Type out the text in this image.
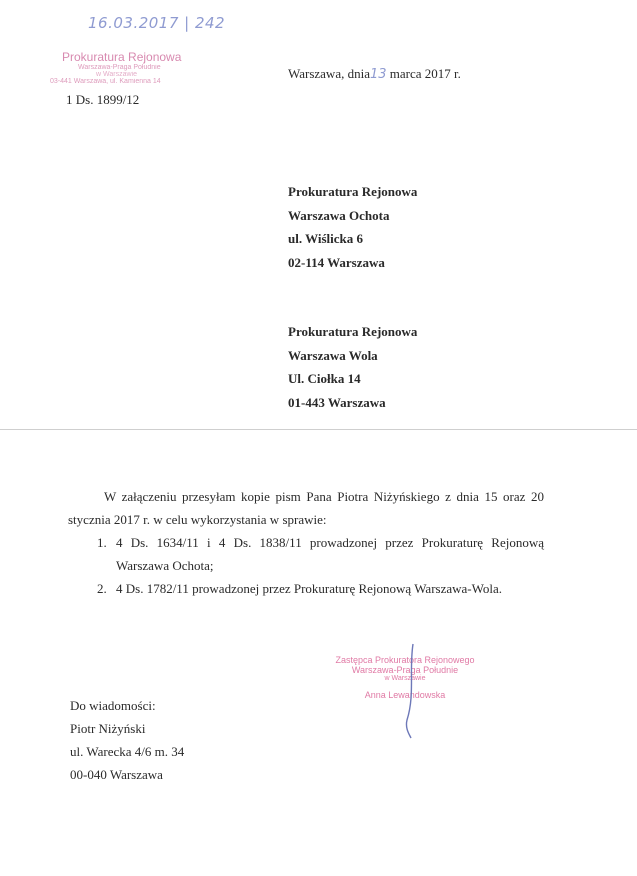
16.03.2017 | 242
Prokuratura Rejonowa
Warszawa-Praga Południe
w Warszawie
03-441 Warszawa, ul. Kamienna 14
1 Ds. 1899/12
Warszawa, dnia13 marca 2017 r.
Prokuratura Rejonowa
Warszawa Ochota
ul. Wiślicka 6
02-114 Warszawa
Prokuratura Rejonowa
Warszawa Wola
Ul. Ciołka 14
01-443 Warszawa

W załączeniu przesyłam kopie pism Pana Piotra Niżyńskiego z dnia 15 oraz 20 stycznia 2017 r. w celu wykorzystania w sprawie:

1. 4 Ds. 1634/11 i 4 Ds. 1838/11 prowadzonej przez Prokuraturę Rejonową Warszawa Ochota;
2. 4 Ds. 1782/11 prowadzonej przez Prokuraturę Rejonową Warszawa-Wola.
Zastępca Prokuratora Rejonowego
Warszawa-Praga Południe
w Warszawie
Anna Lewandowska
Do wiadomości:
Piotr Niżyński
ul. Warecka 4/6 m. 34
00-040 Warszawa
